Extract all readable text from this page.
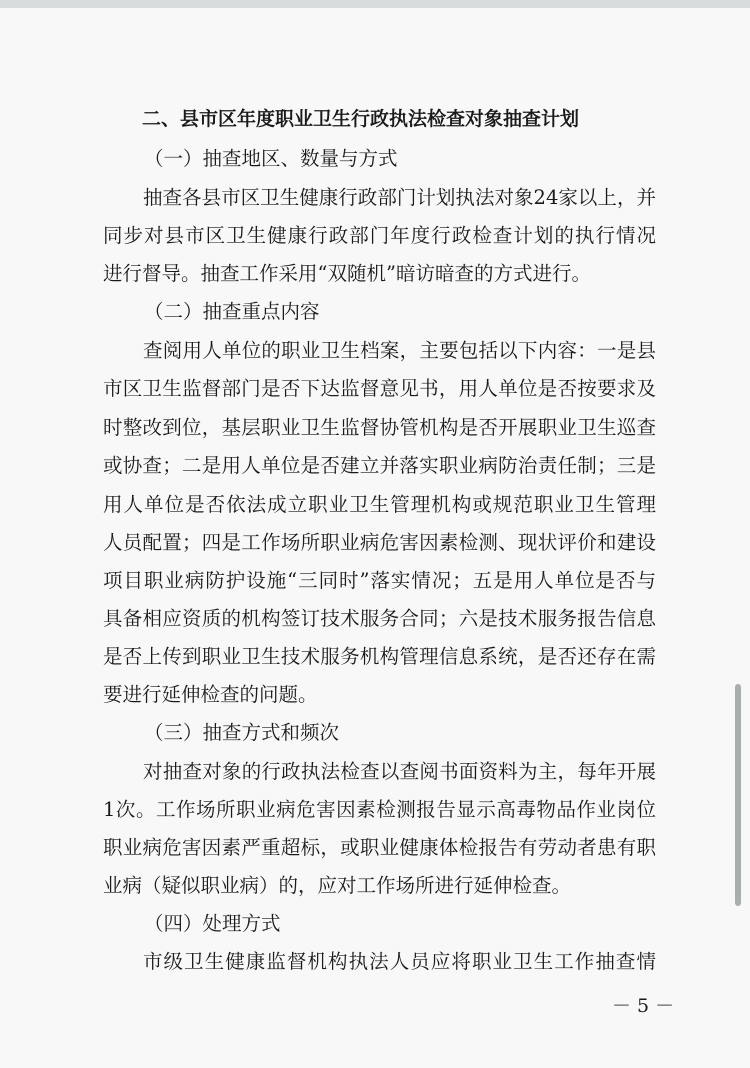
二、县市区年度职业卫生行政执法检查对象抽查计划
（一）抽查地区、数量与方式
抽查各县市区卫生健康行政部门计划执法对象24家以上，并
同步对县市区卫生健康行政部门年度行政检查计划的执行情况
进行督导。抽查工作采用“双随机”暗访暗查的方式进行。
（二）抽查重点内容
查阅用人单位的职业卫生档案，主要包括以下内容：一是县
市区卫生监督部门是否下达监督意见书，用人单位是否按要求及
时整改到位，基层职业卫生监督协管机构是否开展职业卫生巡查
或协查；二是用人单位是否建立并落实职业病防治责任制；三是
用人单位是否依法成立职业卫生管理机构或规范职业卫生管理
人员配置；四是工作场所职业病危害因素检测、现状评价和建设
项目职业病防护设施“三同时”落实情况；五是用人单位是否与
具备相应资质的机构签订技术服务合同；六是技术服务报告信息
是否上传到职业卫生技术服务机构管理信息系统，是否还存在需
要进行延伸检查的问题。
（三）抽查方式和频次
对抽查对象的行政执法检查以查阅书面资料为主，每年开展
1次。工作场所职业病危害因素检测报告显示高毒物品作业岗位
职业病危害因素严重超标，或职业健康体检报告有劳动者患有职
业病（疑似职业病）的，应对工作场所进行延伸检查。
（四）处理方式
市级卫生健康监督机构执法人员应将职业卫生工作抽查情
－ 5 －
